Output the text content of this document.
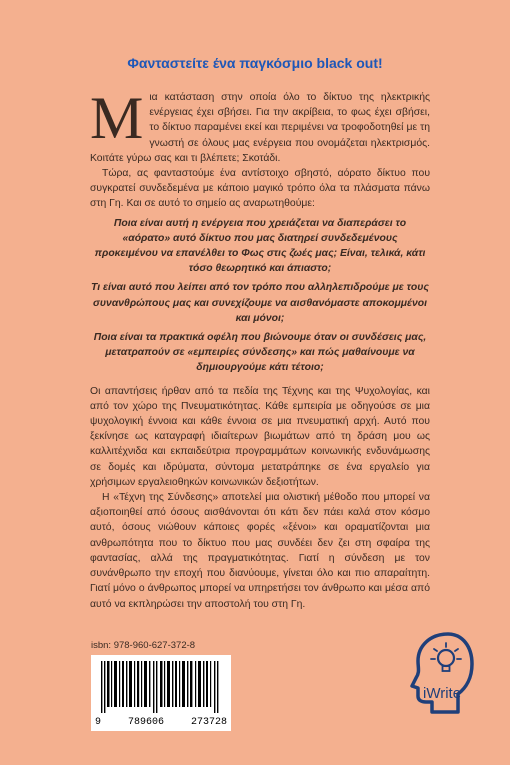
Φανταστείτε ένα παγκόσμιο black out!

Μια κατάσταση στην οποία όλο το δίκτυο της ηλεκτρικής ενέργειας έχει σβήσει. Για την ακρίβεια, το φως έχει σβήσει, το δίκτυο παραμένει εκεί και περιμένει να τροφοδοτηθεί με τη γνωστή σε όλους μας ενέργεια που ονομάζεται ηλεκτρισμός. Κοιτάτε γύρω σας και τι βλέπετε; Σκοτάδι.

Τώρα, ας φανταστούμε ένα αντίστοιχο σβηστό, αόρατο δίκτυο που συγκρατεί συνδεδεμένα με κάποιο μαγικό τρόπο όλα τα πλάσματα πάνω στη Γη. Και σε αυτό το σημείο ας αναρωτηθούμε:

Ποια είναι αυτή η ενέργεια που χρειάζεται να διαπεράσει το «αόρατο» αυτό δίκτυο που μας διατηρεί συνδεδεμένους προκειμένου να επανέλθει το Φως στις ζωές μας; Είναι, τελικά, κάτι τόσο θεωρητικό και άπιαστο;

Τι είναι αυτό που λείπει από τον τρόπο που αλληλεπιδρούμε με τους συνανθρώπους μας και συνεχίζουμε να αισθανόμαστε αποκομμένοι και μόνοι;

Ποια είναι τα πρακτικά οφέλη που βιώνουμε όταν οι συνδέσεις μας, μετατραπούν σε «εμπειρίες σύνδεσης» και πώς μαθαίνουμε να δημιουργούμε κάτι τέτοιο;

Οι απαντήσεις ήρθαν από τα πεδία της Τέχνης και της Ψυχολογίας, και από τον χώρο της Πνευματικότητας. Κάθε εμπειρία με οδηγούσε σε μια ψυχολογική έννοια και κάθε έννοια σε μια πνευματική αρχή. Αυτό που ξεκίνησε ως καταγραφή ιδιαίτερων βιωμάτων από τη δράση μου ως καλλιτέχνιδα και εκπαιδεύτρια προγραμμάτων κοινωνικής ενδυνάμωσης σε δομές και ιδρύματα, σύντομα μετατράπηκε σε ένα εργαλείο για χρήσιμων εργαλειοθηκών κοινωνικών δεξιοτήτων.

Η «Τέχνη της Σύνδεσης» αποτελεί μια ολιστική μέθοδο που μπορεί να αξιοποιηθεί από όσους αισθάνονται ότι κάτι δεν πάει καλά στον κόσμο αυτό, όσους νιώθουν κάποιες φορές «ξένοι» και οραματίζονται μια ανθρωπότητα που το δίκτυο που μας συνδέει δεν ζει στη σφαίρα της φαντασίας, αλλά της πραγματικότητας. Γιατί η σύνδεση με τον συνάνθρωπο την εποχή που διανύουμε, γίνεται όλο και πιο απαραίτητη. Γιατί μόνο ο άνθρωπος μπορεί να υπηρετήσει τον άνθρωπο και μέσα από αυτό να εκπληρώσει την αποστολή του στη Γη.

isbn: 978-960-627-372-8
9	789606	273728
iWrite
